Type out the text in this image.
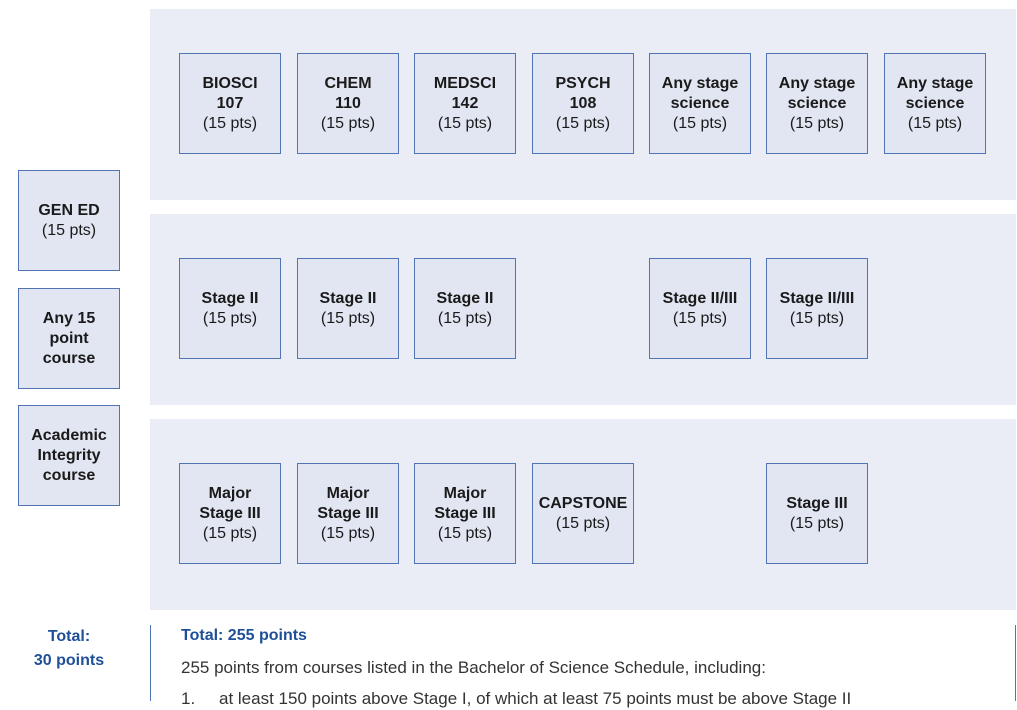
BIOSCI
107
(15 pts)
CHEM
110
(15 pts)
MEDSCI
142
(15 pts)
PSYCH
108
(15 pts)
Any stage
science
(15 pts)
Any stage
science
(15 pts)
Any stage
science
(15 pts)
Stage II
(15 pts)
Stage II
(15 pts)
Stage II
(15 pts)
Stage II/III
(15 pts)
Stage II/III
(15 pts)
Major
Stage III
(15 pts)
Major
Stage III
(15 pts)
Major
Stage III
(15 pts)
CAPSTONE
(15 pts)
Stage III
(15 pts)
GEN ED
(15 pts)
Any 15
point
course
Academic
Integrity
course
Total:
30 points
Total: 255 points
255 points from courses listed in the Bachelor of Science Schedule, including:
1. at least 150 points above Stage I, of which at least 75 points must be above Stage II
